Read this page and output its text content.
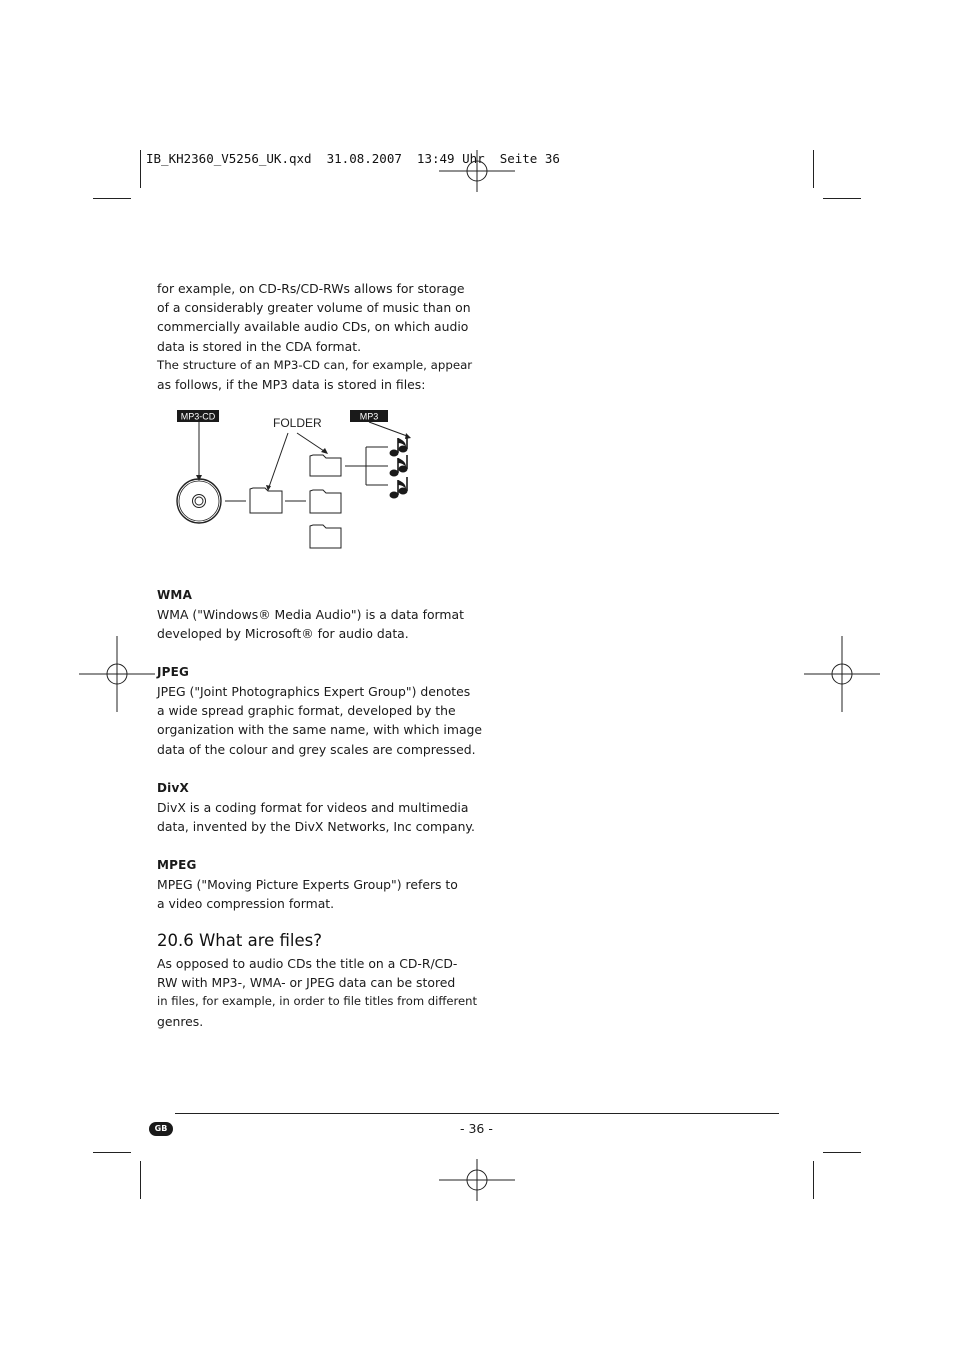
IB_KH2360_V5256_UK.qxd  31.08.2007  13:49 Uhr  Seite 36

for example, on CD-Rs/CD-RWs allows for storage
of a considerably greater volume of music than on
commercially available audio CDs, on which audio
data is stored in the CDA format.
The structure of an MP3-CD can, for example, appear
as follows, if the MP3 data is stored in files:

MP3-CD	FOLDER	MP3
WMA

WMA ("Windows® Media Audio") is a data format
developed by Microsoft® for audio data.

JPEG

JPEG ("Joint Photographics Expert Group") denotes
a wide spread graphic format, developed by the
organization with the same name, with which image
data of the colour and grey scales are compressed.

DivX

DivX is a coding format for videos and multimedia
data, invented by the DivX Networks, Inc company.

MPEG

MPEG ("Moving Picture Experts Group") refers to
a video compression format.

20.6 What are files?

As opposed to audio CDs the title on a CD-R/CD-
RW with MP3-, WMA- or JPEG data can be stored
in files, for example, in order to file titles from different
genres.

GB	- 36 -
